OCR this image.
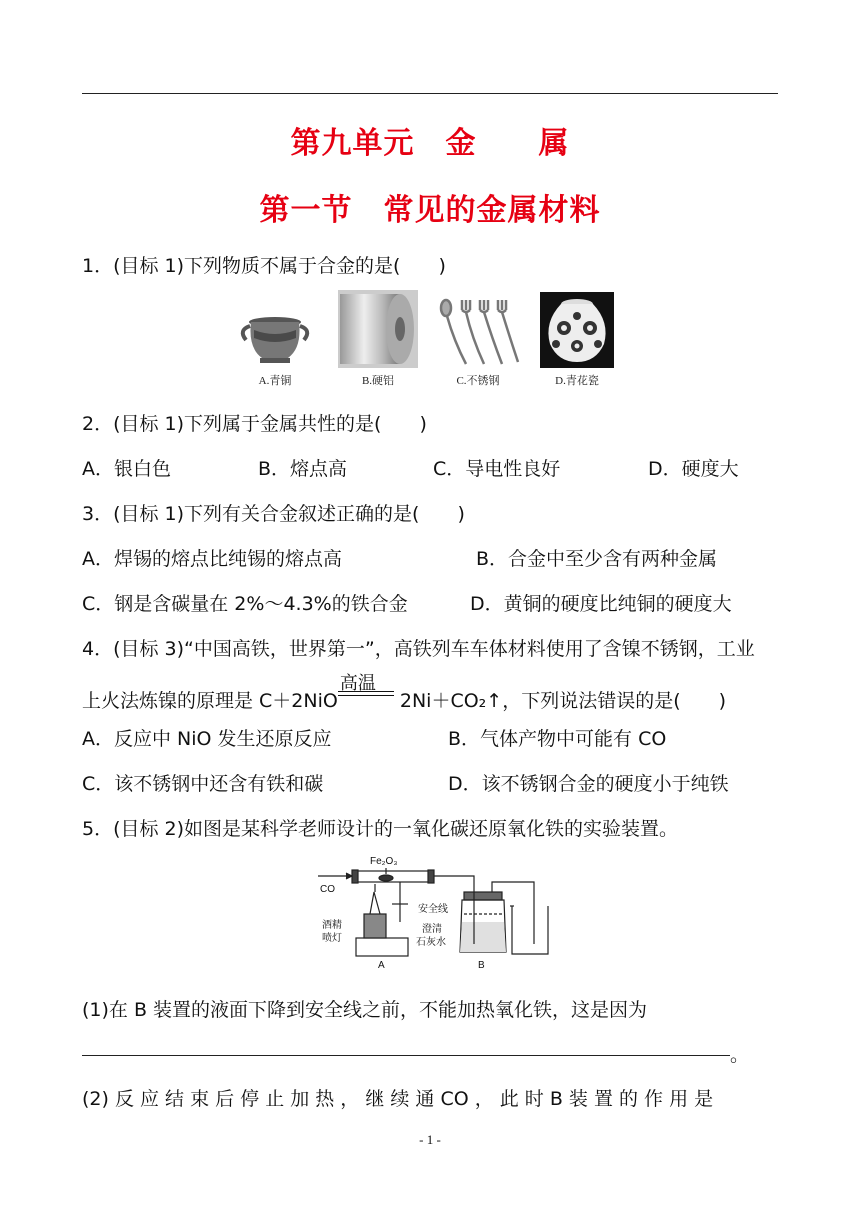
第九单元　金　　属
第一节　常见的金属材料
1．(目标 1)下列物质不属于合金的是(　　)
A.青铜	B.硬铝	C.不锈钢	D.青花瓷
2．(目标 1)下列属于金属共性的是(　　)
A．银白色	B．熔点高	C．导电性良好	D．硬度大
3．(目标 1)下列有关合金叙述正确的是(　　)
A．焊锡的熔点比纯锡的熔点高	B．合金中至少含有两种金属
C．钢是含碳量在 2%～4.3%的铁合金	D．黄铜的硬度比纯铜的硬度大
4．(目标 3)“中国高铁，世界第一”，高铁列车车体材料使用了含镍不锈钢，工业
上火法炼镍的原理是 C＋2NiO
高温
2Ni＋CO₂↑，下列说法错误的是(　　)
A．反应中 NiO 发生还原反应	B．气体产物中可能有 CO
C．该不锈钢中还含有铁和碳	D．该不锈钢合金的硬度小于纯铁
5．(目标 2)如图是某科学老师设计的一氧化碳还原氧化铁的实验装置。
Fe₂O₃
CO
酒精
喷灯
安全线
澄清
石灰水
A	B
(1)在 B 装置的液面下降到安全线之前，不能加热氧化铁，这是因为
。
(2) 反 应 结 束 后 停 止 加 热 ， 继 续 通 CO ， 此 时 B 装 置 的 作 用 是
- 1 -
